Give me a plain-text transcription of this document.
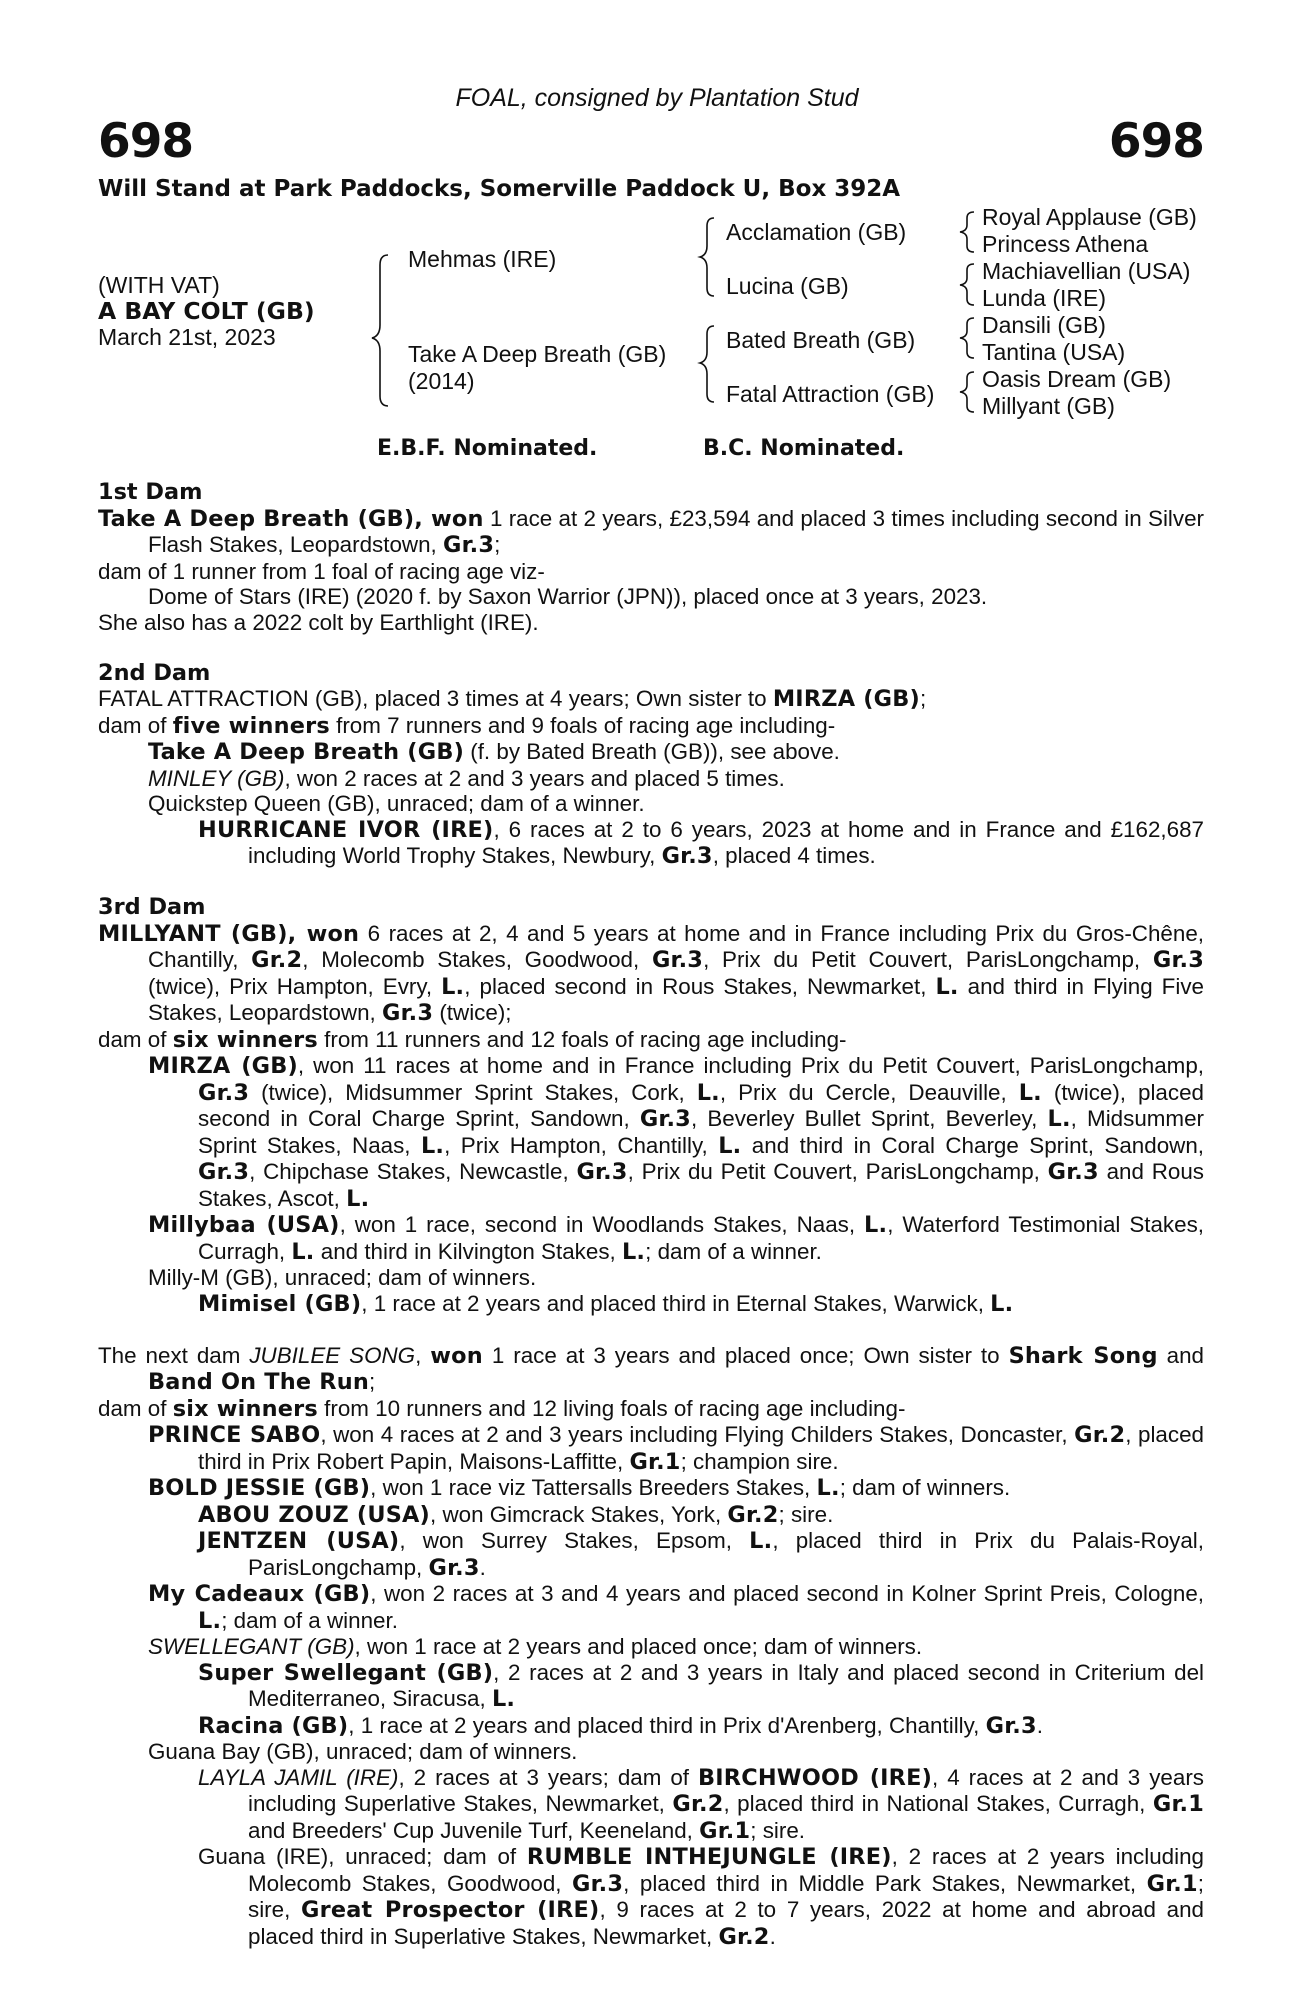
FOAL, consigned by Plantation Stud
698	698
Will Stand at Park Paddocks, Somerville Paddock U, Box 392A
(WITH VAT)
A BAY COLT (GB)
March 21st, 2023
Mehmas (IRE)
Take A Deep Breath (GB)
(2014)
Acclamation (GB)
Lucina (GB)
Bated Breath (GB)
Fatal Attraction (GB)
Royal Applause (GB)
Princess Athena
Machiavellian (USA)
Lunda (IRE)
Dansili (GB)
Tantina (USA)
Oasis Dream (GB)
Millyant (GB)
E.B.F. Nominated.	B.C. Nominated.

1st Dam

Take A Deep Breath (GB), won 1 race at 2 years, £23,594 and placed 3 times including second in Silver Flash Stakes, Leopardstown, Gr.3;

dam of 1 runner from 1 foal of racing age viz-

Dome of Stars (IRE) (2020 f. by Saxon Warrior (JPN)), placed once at 3 years, 2023.

She also has a 2022 colt by Earthlight (IRE).

2nd Dam

FATAL ATTRACTION (GB), placed 3 times at 4 years; Own sister to MIRZA (GB);

dam of five winners from 7 runners and 9 foals of racing age including-

Take A Deep Breath (GB) (f. by Bated Breath (GB)), see above.

MINLEY (GB), won 2 races at 2 and 3 years and placed 5 times.

Quickstep Queen (GB), unraced; dam of a winner.

HURRICANE IVOR (IRE), 6 races at 2 to 6 years, 2023 at home and in France and £162,687 including World Trophy Stakes, Newbury, Gr.3, placed 4 times.

3rd Dam

MILLYANT (GB), won 6 races at 2, 4 and 5 years at home and in France including Prix du Gros-Chêne, Chantilly, Gr.2, Molecomb Stakes, Goodwood, Gr.3, Prix du Petit Couvert, ParisLongchamp, Gr.3 (twice), Prix Hampton, Evry, L., placed second in Rous Stakes, Newmarket, L. and third in Flying Five Stakes, Leopardstown, Gr.3 (twice);

dam of six winners from 11 runners and 12 foals of racing age including-

MIRZA (GB), won 11 races at home and in France including Prix du Petit Couvert, ParisLongchamp, Gr.3 (twice), Midsummer Sprint Stakes, Cork, L., Prix du Cercle, Deauville, L. (twice), placed second in Coral Charge Sprint, Sandown, Gr.3, Beverley Bullet Sprint, Beverley, L., Midsummer Sprint Stakes, Naas, L., Prix Hampton, Chantilly, L. and third in Coral Charge Sprint, Sandown, Gr.3, Chipchase Stakes, Newcastle, Gr.3, Prix du Petit Couvert, ParisLongchamp, Gr.3 and Rous Stakes, Ascot, L.

Millybaa (USA), won 1 race, second in Woodlands Stakes, Naas, L., Waterford Testimonial Stakes, Curragh, L. and third in Kilvington Stakes, L.; dam of a winner.

Milly-M (GB), unraced; dam of winners.

Mimisel (GB), 1 race at 2 years and placed third in Eternal Stakes, Warwick, L.

The next dam JUBILEE SONG, won 1 race at 3 years and placed once; Own sister to Shark Song and Band On The Run;

dam of six winners from 10 runners and 12 living foals of racing age including-

PRINCE SABO, won 4 races at 2 and 3 years including Flying Childers Stakes, Doncaster, Gr.2, placed third in Prix Robert Papin, Maisons-Laffitte, Gr.1; champion sire.

BOLD JESSIE (GB), won 1 race viz Tattersalls Breeders Stakes, L.; dam of winners.

ABOU ZOUZ (USA), won Gimcrack Stakes, York, Gr.2; sire.

JENTZEN (USA), won Surrey Stakes, Epsom, L., placed third in Prix du Palais-Royal, ParisLongchamp, Gr.3.

My Cadeaux (GB), won 2 races at 3 and 4 years and placed second in Kolner Sprint Preis, Cologne, L.; dam of a winner.

SWELLEGANT (GB), won 1 race at 2 years and placed once; dam of winners.

Super Swellegant (GB), 2 races at 2 and 3 years in Italy and placed second in Criterium del Mediterraneo, Siracusa, L.

Racina (GB), 1 race at 2 years and placed third in Prix d'Arenberg, Chantilly, Gr.3.

Guana Bay (GB), unraced; dam of winners.

LAYLA JAMIL (IRE), 2 races at 3 years; dam of BIRCHWOOD (IRE), 4 races at 2 and 3 years including Superlative Stakes, Newmarket, Gr.2, placed third in National Stakes, Curragh, Gr.1 and Breeders' Cup Juvenile Turf, Keeneland, Gr.1; sire.

Guana (IRE), unraced; dam of RUMBLE INTHEJUNGLE (IRE), 2 races at 2 years including Molecomb Stakes, Goodwood, Gr.3, placed third in Middle Park Stakes, Newmarket, Gr.1; sire, Great Prospector (IRE), 9 races at 2 to 7 years, 2022 at home and abroad and placed third in Superlative Stakes, Newmarket, Gr.2.
